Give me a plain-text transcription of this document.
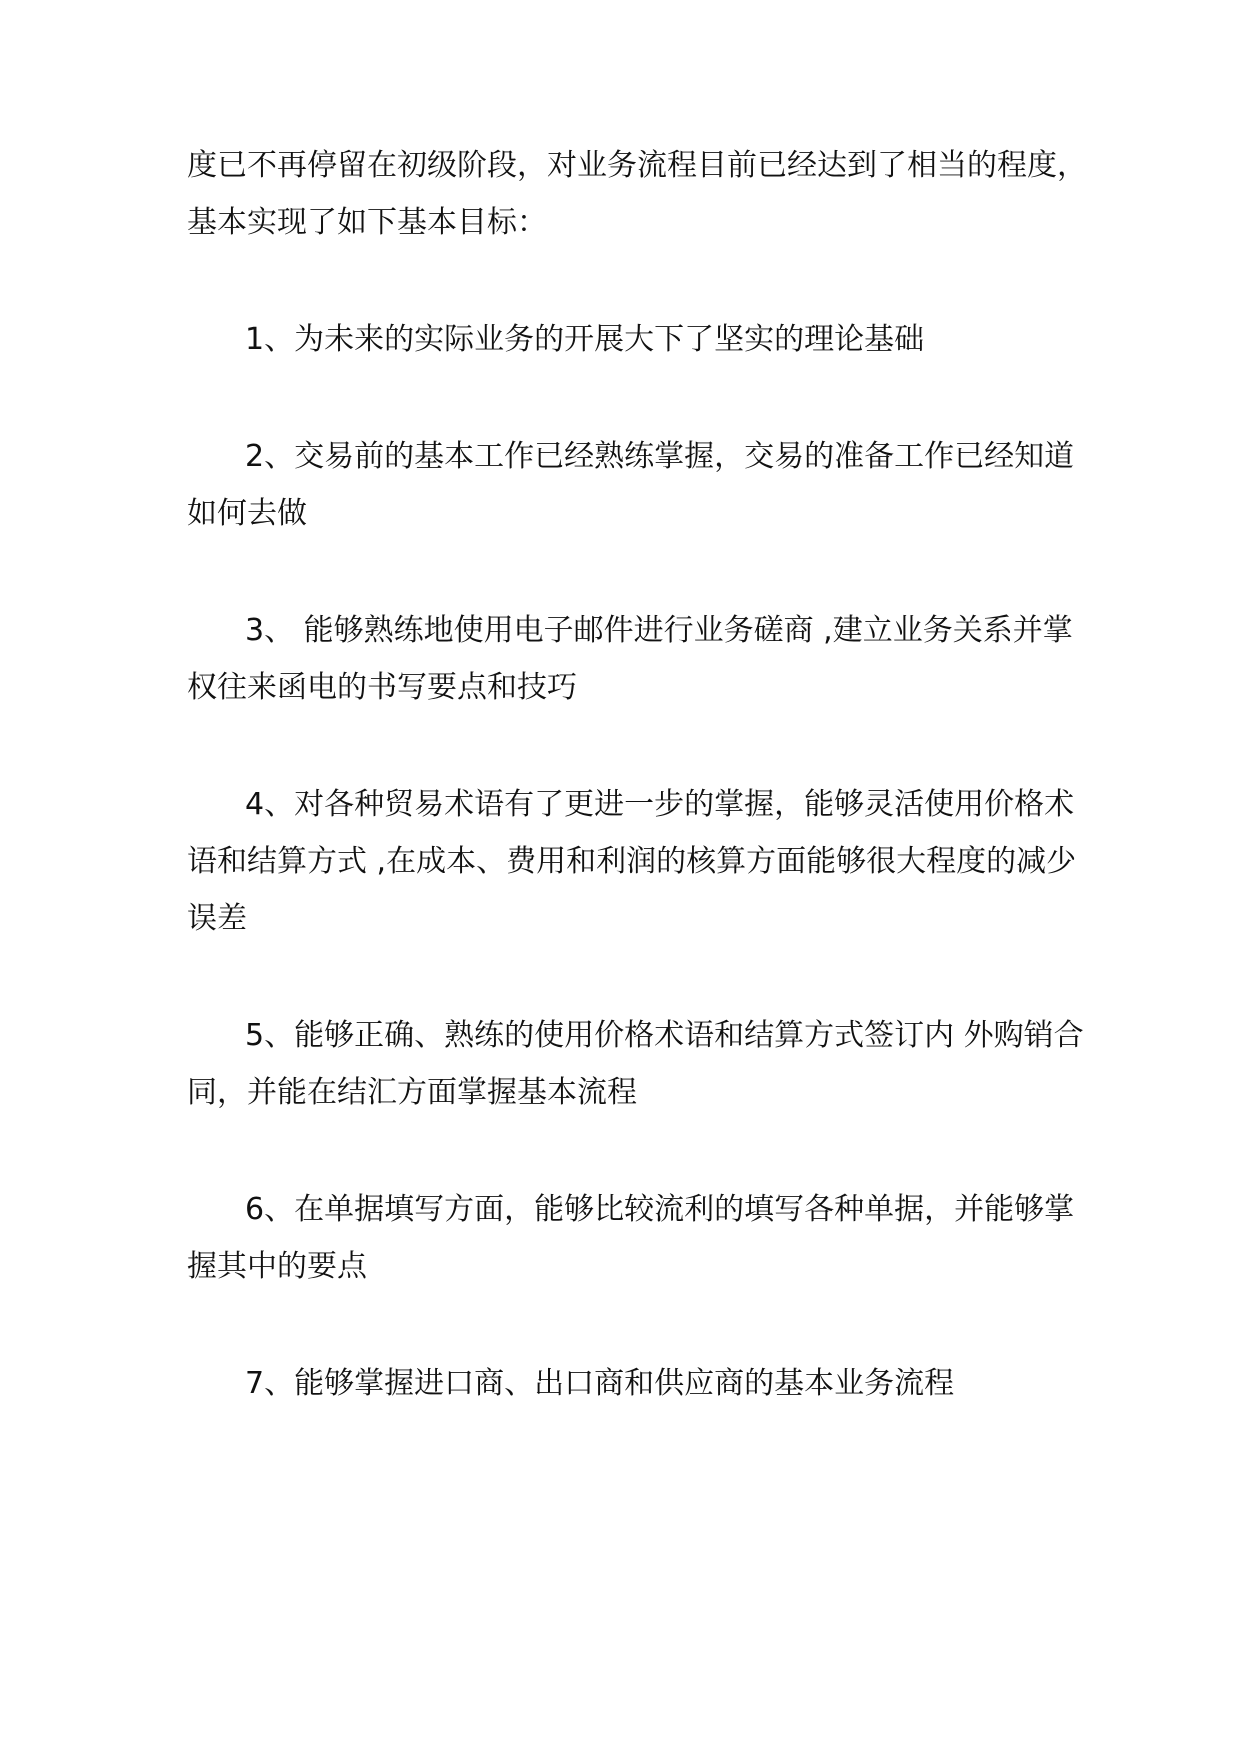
度已不再停留在初级阶段，对业务流程目前已经达到了相当的程度，
基本实现了如下基本目标：
1、为未来的实际业务的开展大下了坚实的理论基础
2、交易前的基本工作已经熟练掌握，交易的准备工作已经知道
如何去做
3、 能够熟练地使用电子邮件进行业务磋商 ,建立业务关系并掌
权往来函电的书写要点和技巧
4、对各种贸易术语有了更进一步的掌握，能够灵活使用价格术
语和结算方式 ,在成本、费用和利润的核算方面能够很大程度的减少
误差
5、能够正确、熟练的使用价格术语和结算方式签订内 外购销合
同，并能在结汇方面掌握基本流程
6、在单据填写方面，能够比较流利的填写各种单据，并能够掌
握其中的要点
7、能够掌握进口商、出口商和供应商的基本业务流程
